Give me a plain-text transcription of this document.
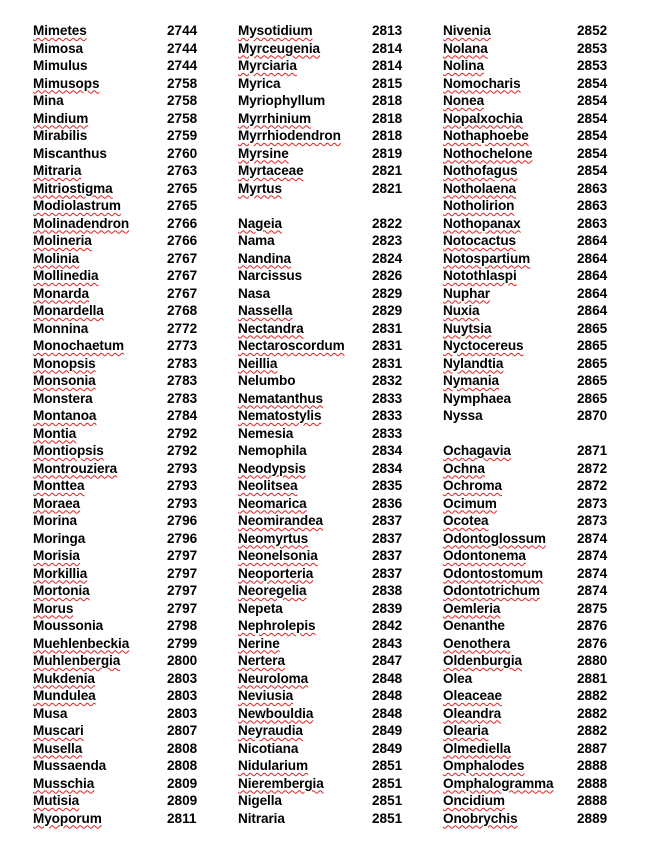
Mimetes	2744
Mimosa	2744
Mimulus	2744
Mimusops	2758
Mina	2758
Mindium	2758
Mirabilis	2759
Miscanthus	2760
Mitraria	2763
Mitriostigma	2765
Modiolastrum	2765
Molinadendron	2766
Molineria	2766
Molinia	2767
Mollinedia	2767
Monarda	2767
Monardella	2768
Monnina	2772
Monochaetum	2773
Monopsis	2783
Monsonia	2783
Monstera	2783
Montanoa	2784
Montia	2792
Montiopsis	2792
Montrouziera	2793
Monttea	2793
Moraea	2793
Morina	2796
Moringa	2796
Morisia	2797
Morkillia	2797
Mortonia	2797
Morus	2797
Moussonia	2798
Muehlenbeckia	2799
Muhlenbergia	2800
Mukdenia	2803
Mundulea	2803
Musa	2803
Muscari	2807
Musella	2808
Mussaenda	2808
Musschia	2809
Mutisia	2809
Myoporum	2811
Mysotidium	2813
Myrceugenia	2814
Myrciaria	2814
Myrica	2815
Myriophyllum	2818
Myrrhinium	2818
Myrrhiodendron 2818
Myrsine	2819
Myrtaceae	2821
Myrtus	2821
Nageia	2822
Nama	2823
Nandina	2824
Narcissus	2826
Nasa	2829
Nassella	2829
Nectandra	2831
Nectaroscordum 2831
Neillia	2831
Nelumbo	2832
Nematanthus	2833
Nematostylis	2833
Nemesia	2833
Nemophila	2834
Neodypsis	2834
Neolitsea	2835
Neomarica	2836
Neomirandea	2837
Neomyrtus	2837
Neonelsonia	2837
Neoporteria	2837
Neoregelia	2838
Nepeta	2839
Nephrolepis	2842
Nerine	2843
Nertera	2847
Neuroloma	2848
Neviusia	2848
Newbouldia	2848
Neyraudia	2849
Nicotiana	2849
Nidularium	2851
Nierembergia	2851
Nigella	2851
Nitraria	2851
Nivenia	2852
Nolana	2853
Nolina	2853
Nomocharis	2854
Nonea	2854
Nopalxochia	2854
Nothaphoebe	2854
Nothochelone	2854
Nothofagus	2854
Notholaena	2863
Notholirion	2863
Nothopanax	2863
Notocactus	2864
Notospartium	2864
Notothlaspi	2864
Nuphar	2864
Nuxia	2864
Nuytsia	2865
Nyctocereus	2865
Nylandtia	2865
Nymania	2865
Nymphaea	2865
Nyssa	2870
Ochagavia	2871
Ochna	2872
Ochroma	2872
Ocimum	2873
Ocotea	2873
Odontoglossum 2874
Odontonema	2874
Odontostomum	2874
Odontotrichum	2874
Oemleria	2875
Oenanthe	2876
Oenothera	2876
Oldenburgia	2880
Olea	2881
Oleaceae	2882
Oleandra	2882
Olearia	2882
Olmediella	2887
Omphalodes	2888
Omphalogramma 2888
Oncidium	2888
Onobrychis	2889
